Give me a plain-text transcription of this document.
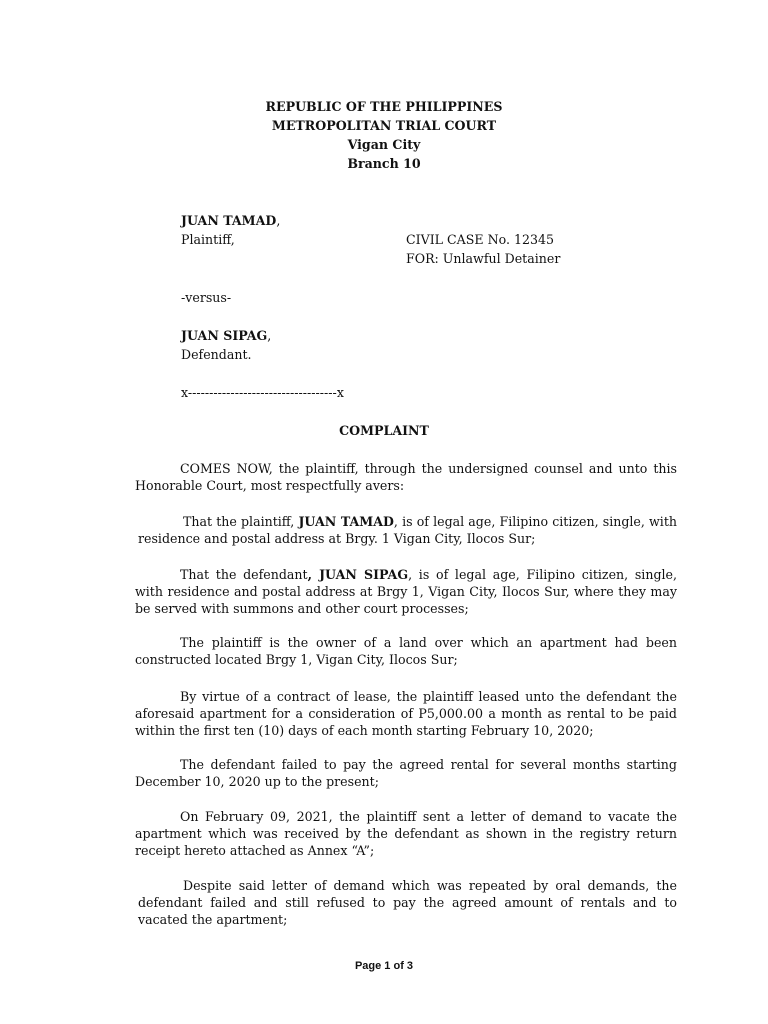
REPUBLIC OF THE PHILIPPINES
METROPOLITAN TRIAL COURT
Vigan City
Branch 10
JUAN TAMAD,
Plaintiff,	CIVIL CASE No. 12345
FOR: Unlawful Detainer
-versus-
JUAN SIPAG,
Defendant.
x-----------------------------------x
COMPLAINT

COMES NOW, the plaintiff, through the undersigned counsel and unto this Honorable Court, most respectfully avers:

That the plaintiff, JUAN TAMAD, is of legal age, Filipino citizen, single, with residence and postal address at Brgy. 1 Vigan City, Ilocos Sur;

That the defendant, JUAN SIPAG, is of legal age, Filipino citizen, single, with residence and postal address at Brgy 1, Vigan City, Ilocos Sur, where they may be served with summons and other court processes;

The plaintiff is the owner of a land over which an apartment had been constructed located Brgy 1, Vigan City, Ilocos Sur;

By virtue of a contract of lease, the plaintiff leased unto the defendant the aforesaid apartment for a consideration of P5,000.00 a month as rental to be paid within the first ten (10) days of each month starting February 10, 2020;

The defendant failed to pay the agreed rental for several months starting December 10, 2020 up to the present;

On February 09, 2021, the plaintiff sent a letter of demand to vacate the apartment which was received by the defendant as shown in the registry return receipt hereto attached as Annex “A”;

Despite said letter of demand which was repeated by oral demands, the defendant failed and still refused to pay the agreed amount of rentals and to vacated the apartment;

Page 1 of 3
